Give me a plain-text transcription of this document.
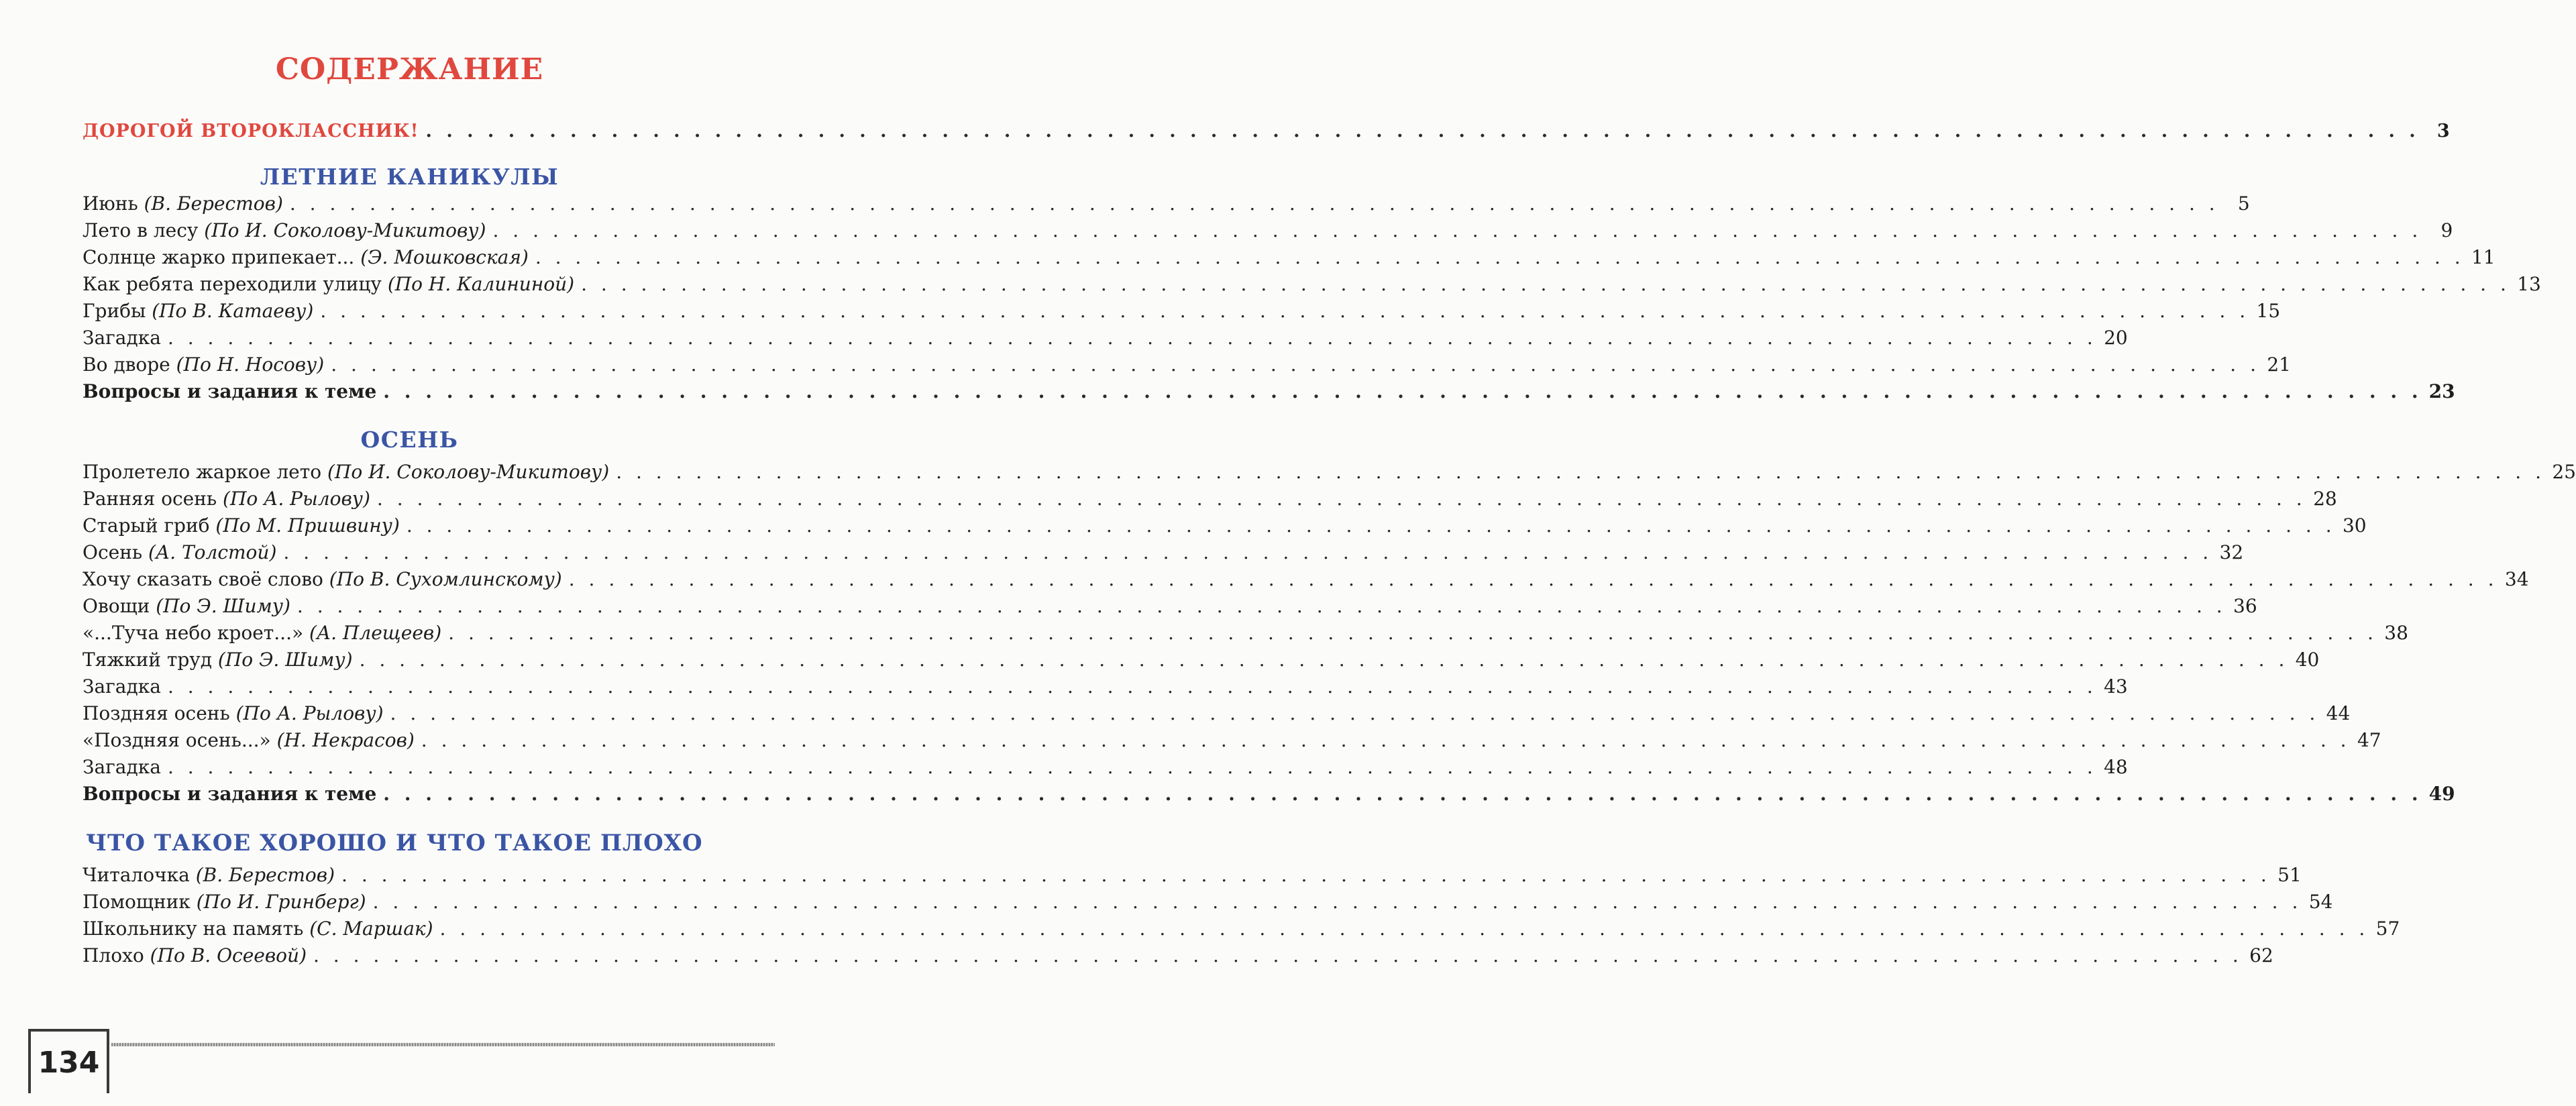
СОДЕРЖАНИЕ
ДОРОГОЙ ВТОРОКЛАССНИК! . . . . . . . . . . . . . . . . . . . . . . . . . . . . . . . . . . . . . . . . . . . . . . . . . . . . . . . . . . . . . . . . . . . . . . . . . . . . . . . . . . . . . . . . . . . . . . . . . 3
ЛЕТНИЕ КАНИКУЛЫ
Июнь (В. Берестов) . . . . . . . . . . . . . . . . . . . . . . . . . . . . . . . . . . . . . . . . . . . . . . . . . . . . . . . . . . . . . . . . . . . . . . . . . . . . . . . . . . . . . . . . . . . . . . . . .	5
Лето в лесу (По И. Соколову-Микитову) . . . . . . . . . . . . . . . . . . . . . . . . . . . . . . . . . . . . . . . . . . . . . . . . . . . . . . . . . . . . . . . . . . . . . . . . . . . . . . . . . . . . . . . . . . . . . . . . .	9
Солнце жарко припекает... (Э. Мошковская) . . . . . . . . . . . . . . . . . . . . . . . . . . . . . . . . . . . . . . . . . . . . . . . . . . . . . . . . . . . . . . . . . . . . . . . . . . . . . . . . . . . . . . . . . . . . . . . . . 11
Как ребята переходили улицу (По Н. Калининой) . . . . . . . . . . . . . . . . . . . . . . . . . . . . . . . . . . . . . . . . . . . . . . . . . . . . . . . . . . . . . . . . . . . . . . . . . . . . . . . . . . . . . . . . . . . . . . . . . 13
Грибы (По В. Катаеву) . . . . . . . . . . . . . . . . . . . . . . . . . . . . . . . . . . . . . . . . . . . . . . . . . . . . . . . . . . . . . . . . . . . . . . . . . . . . . . . . . . . . . . . . . . . . . . . . . 15
Загадка . . . . . . . . . . . . . . . . . . . . . . . . . . . . . . . . . . . . . . . . . . . . . . . . . . . . . . . . . . . . . . . . . . . . . . . . . . . . . . . . . . . . . . . . . . . . . . . . . 20
Во дворе (По Н. Носову) . . . . . . . . . . . . . . . . . . . . . . . . . . . . . . . . . . . . . . . . . . . . . . . . . . . . . . . . . . . . . . . . . . . . . . . . . . . . . . . . . . . . . . . . . . . . . . . . . 21
Вопросы и задания к теме . . . . . . . . . . . . . . . . . . . . . . . . . . . . . . . . . . . . . . . . . . . . . . . . . . . . . . . . . . . . . . . . . . . . . . . . . . . . . . . . . . . . . . . . . . . . . . . . . 23
ОСЕНЬ
Пролетело жаркое лето (По И. Соколову-Микитову) . . . . . . . . . . . . . . . . . . . . . . . . . . . . . . . . . . . . . . . . . . . . . . . . . . . . . . . . . . . . . . . . . . . . . . . . . . . . . . . . . . . . . . . . . . . . . . . . . 25
Ранняя осень (По А. Рылову) . . . . . . . . . . . . . . . . . . . . . . . . . . . . . . . . . . . . . . . . . . . . . . . . . . . . . . . . . . . . . . . . . . . . . . . . . . . . . . . . . . . . . . . . . . . . . . . . . 28
Старый гриб (По М. Пришвину) . . . . . . . . . . . . . . . . . . . . . . . . . . . . . . . . . . . . . . . . . . . . . . . . . . . . . . . . . . . . . . . . . . . . . . . . . . . . . . . . . . . . . . . . . . . . . . . . . 30
Осень (А. Толстой) . . . . . . . . . . . . . . . . . . . . . . . . . . . . . . . . . . . . . . . . . . . . . . . . . . . . . . . . . . . . . . . . . . . . . . . . . . . . . . . . . . . . . . . . . . . . . . . . . 32
Хочу сказать своё слово (По В. Сухомлинскому) . . . . . . . . . . . . . . . . . . . . . . . . . . . . . . . . . . . . . . . . . . . . . . . . . . . . . . . . . . . . . . . . . . . . . . . . . . . . . . . . . . . . . . . . . . . . . . . . . 34
Овощи (По Э. Шиму) . . . . . . . . . . . . . . . . . . . . . . . . . . . . . . . . . . . . . . . . . . . . . . . . . . . . . . . . . . . . . . . . . . . . . . . . . . . . . . . . . . . . . . . . . . . . . . . . . 36
«...Туча небо кроет...» (А. Плещеев) . . . . . . . . . . . . . . . . . . . . . . . . . . . . . . . . . . . . . . . . . . . . . . . . . . . . . . . . . . . . . . . . . . . . . . . . . . . . . . . . . . . . . . . . . . . . . . . . . 38
Тяжкий труд (По Э. Шиму) . . . . . . . . . . . . . . . . . . . . . . . . . . . . . . . . . . . . . . . . . . . . . . . . . . . . . . . . . . . . . . . . . . . . . . . . . . . . . . . . . . . . . . . . . . . . . . . . . 40
Загадка . . . . . . . . . . . . . . . . . . . . . . . . . . . . . . . . . . . . . . . . . . . . . . . . . . . . . . . . . . . . . . . . . . . . . . . . . . . . . . . . . . . . . . . . . . . . . . . . . 43
Поздняя осень (По А. Рылову) . . . . . . . . . . . . . . . . . . . . . . . . . . . . . . . . . . . . . . . . . . . . . . . . . . . . . . . . . . . . . . . . . . . . . . . . . . . . . . . . . . . . . . . . . . . . . . . . . 44
«Поздняя осень...» (Н. Некрасов) . . . . . . . . . . . . . . . . . . . . . . . . . . . . . . . . . . . . . . . . . . . . . . . . . . . . . . . . . . . . . . . . . . . . . . . . . . . . . . . . . . . . . . . . . . . . . . . . . 47
Загадка . . . . . . . . . . . . . . . . . . . . . . . . . . . . . . . . . . . . . . . . . . . . . . . . . . . . . . . . . . . . . . . . . . . . . . . . . . . . . . . . . . . . . . . . . . . . . . . . . 48
Вопросы и задания к теме . . . . . . . . . . . . . . . . . . . . . . . . . . . . . . . . . . . . . . . . . . . . . . . . . . . . . . . . . . . . . . . . . . . . . . . . . . . . . . . . . . . . . . . . . . . . . . . . . 49
ЧТО ТАКОЕ ХОРОШО И ЧТО ТАКОЕ ПЛОХО
Читалочка (В. Берестов) . . . . . . . . . . . . . . . . . . . . . . . . . . . . . . . . . . . . . . . . . . . . . . . . . . . . . . . . . . . . . . . . . . . . . . . . . . . . . . . . . . . . . . . . . . . . . . . . . 51
Помощник (По И. Гринберг) . . . . . . . . . . . . . . . . . . . . . . . . . . . . . . . . . . . . . . . . . . . . . . . . . . . . . . . . . . . . . . . . . . . . . . . . . . . . . . . . . . . . . . . . . . . . . . . . . 54
Школьнику на память (С. Маршак) . . . . . . . . . . . . . . . . . . . . . . . . . . . . . . . . . . . . . . . . . . . . . . . . . . . . . . . . . . . . . . . . . . . . . . . . . . . . . . . . . . . . . . . . . . . . . . . . . 57
Плохо (По В. Осеевой) . . . . . . . . . . . . . . . . . . . . . . . . . . . . . . . . . . . . . . . . . . . . . . . . . . . . . . . . . . . . . . . . . . . . . . . . . . . . . . . . . . . . . . . . . . . . . . . . . 62
134
